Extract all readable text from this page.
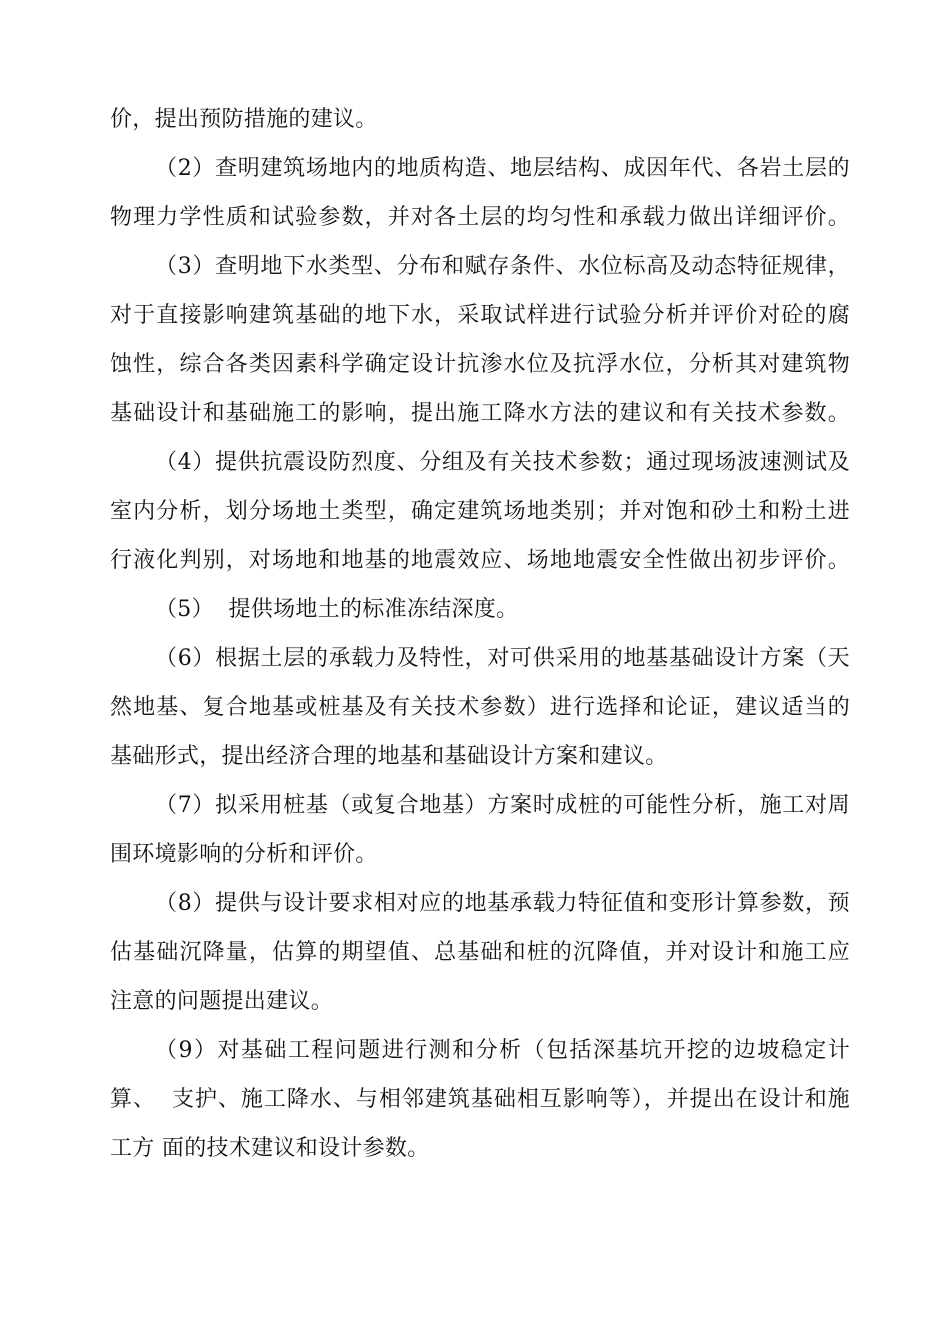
价，提出预防措施的建议。

（2）查明建筑场地内的地质构造、地层结构、成因年代、各岩土层的

物理力学性质和试验参数，并对各土层的均匀性和承载力做出详细评价。

（3）查明地下水类型、分布和赋存条件、水位标高及动态特征规律，

对于直接影响建筑基础的地下水，采取试样进行试验分析并评价对砼的腐

蚀性，综合各类因素科学确定设计抗渗水位及抗浮水位，分析其对建筑物

基础设计和基础施工的影响，提出施工降水方法的建议和有关技术参数。

（4）提供抗震设防烈度、分组及有关技术参数；通过现场波速测试及

室内分析，划分场地土类型，确定建筑场地类别；并对饱和砂土和粉土进

行液化判别，对场地和地基的地震效应、场地地震安全性做出初步评价。

（5）  提供场地土的标准冻结深度。

（6）根据土层的承载力及特性，对可供采用的地基基础设计方案（天

然地基、复合地基或桩基及有关技术参数）进行选择和论证，建议适当的

基础形式，提出经济合理的地基和基础设计方案和建议。

（7）拟采用桩基（或复合地基）方案时成桩的可能性分析，施工对周

围环境影响的分析和评价。

（8）提供与设计要求相对应的地基承载力特征值和变形计算参数，预

估基础沉降量，估算的期望值、总基础和桩的沉降值，并对设计和施工应

注意的问题提出建议。

（9）对基础工程问题进行测和分析（包括深基坑开挖的边坡稳定计

算、  支护、施工降水、与相邻建筑基础相互影响等），并提出在设计和施

工方 面的技术建议和设计参数。
